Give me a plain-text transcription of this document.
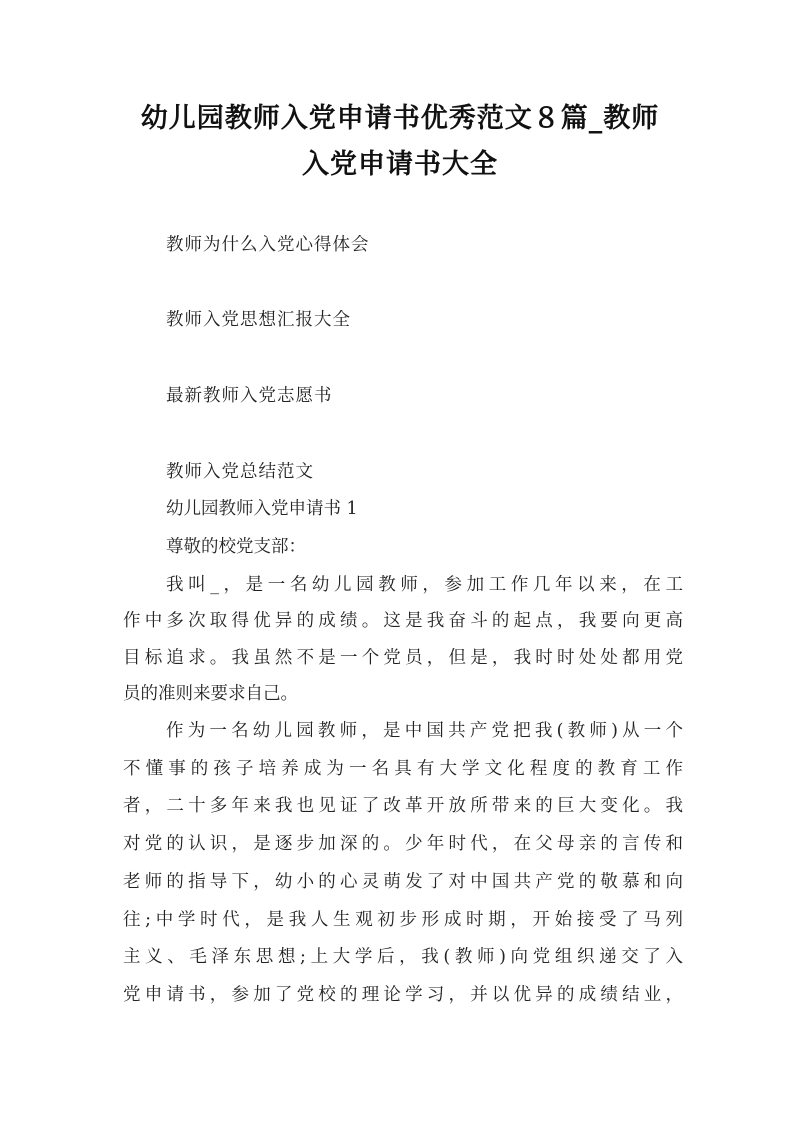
幼儿园教师入党申请书优秀范文８篇_教师
入党申请书大全
教师为什么入党心得体会
教师入党思想汇报大全
最新教师入党志愿书
教师入党总结范文
幼儿园教师入党申请书 1
尊敬的校党支部：
我叫_，是一名幼儿园教师，参加工作几年以来，在工
作中多次取得优异的成绩。这是我奋斗的起点，我要向更高
目标追求。我虽然不是一个党员，但是，我时时处处都用党
员的准则来要求自己。
作为一名幼儿园教师，是中国共产党把我(教师)从一个
不懂事的孩子培养成为一名具有大学文化程度的教育工作
者，二十多年来我也见证了改革开放所带来的巨大变化。我
对党的认识，是逐步加深的。少年时代，在父母亲的言传和
老师的指导下，幼小的心灵萌发了对中国共产党的敬慕和向
往;中学时代，是我人生观初步形成时期，开始接受了马列
主义、毛泽东思想;上大学后，我(教师)向党组织递交了入
党申请书，参加了党校的理论学习，并以优异的成绩结业，
